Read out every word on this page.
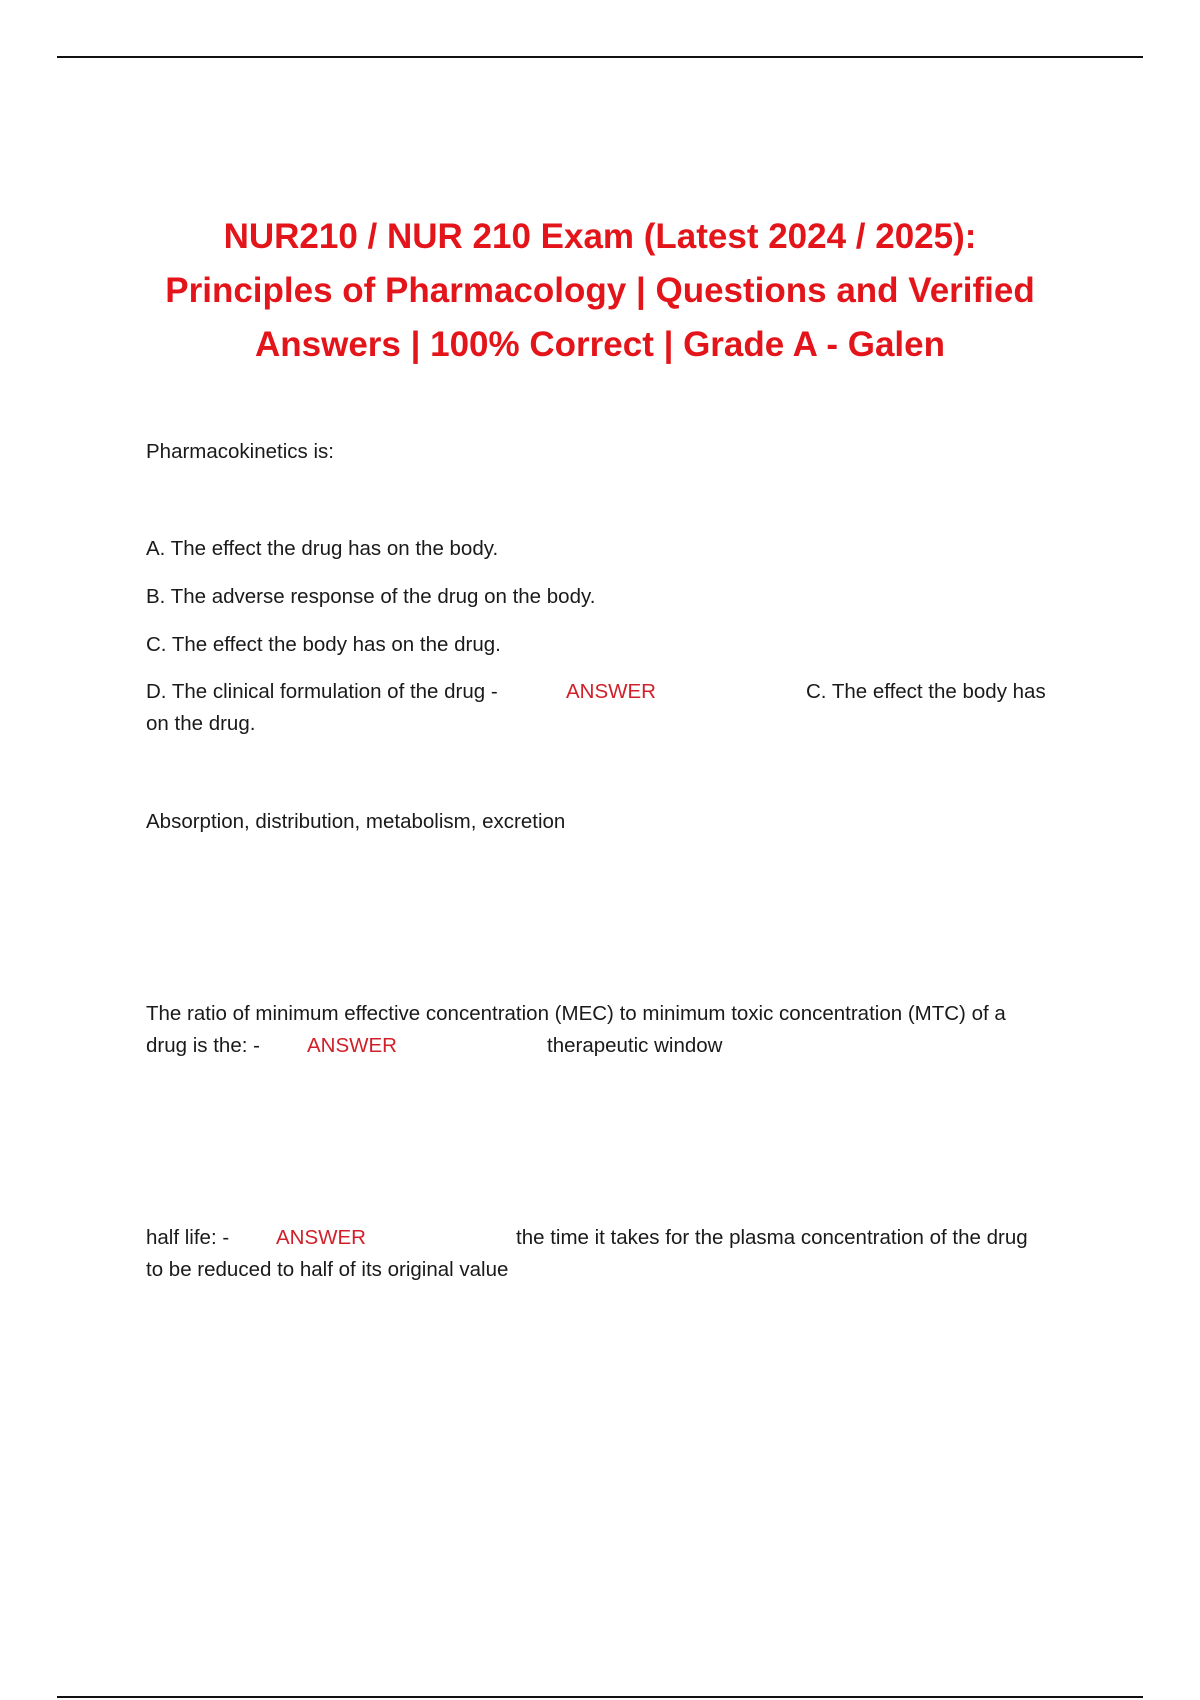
NUR210 / NUR 210 Exam (Latest 2024 / 2025): Principles of Pharmacology | Questions and Verified Answers | 100% Correct | Grade A - Galen

Pharmacokinetics is:

A. The effect the drug has on the body.

B. The adverse response of the drug on the body.

C. The effect the body has on the drug.

D. The clinical formulation of the drug -	ANSWER	C. The effect the body has
on the drug.

Absorption, distribution, metabolism, excretion

The ratio of minimum effective concentration (MEC) to minimum toxic concentration (MTC) of a
drug is the: - ANSWER	therapeutic window
half life: - ANSWER	the time it takes for the plasma concentration of the drug
to be reduced to half of its original value
